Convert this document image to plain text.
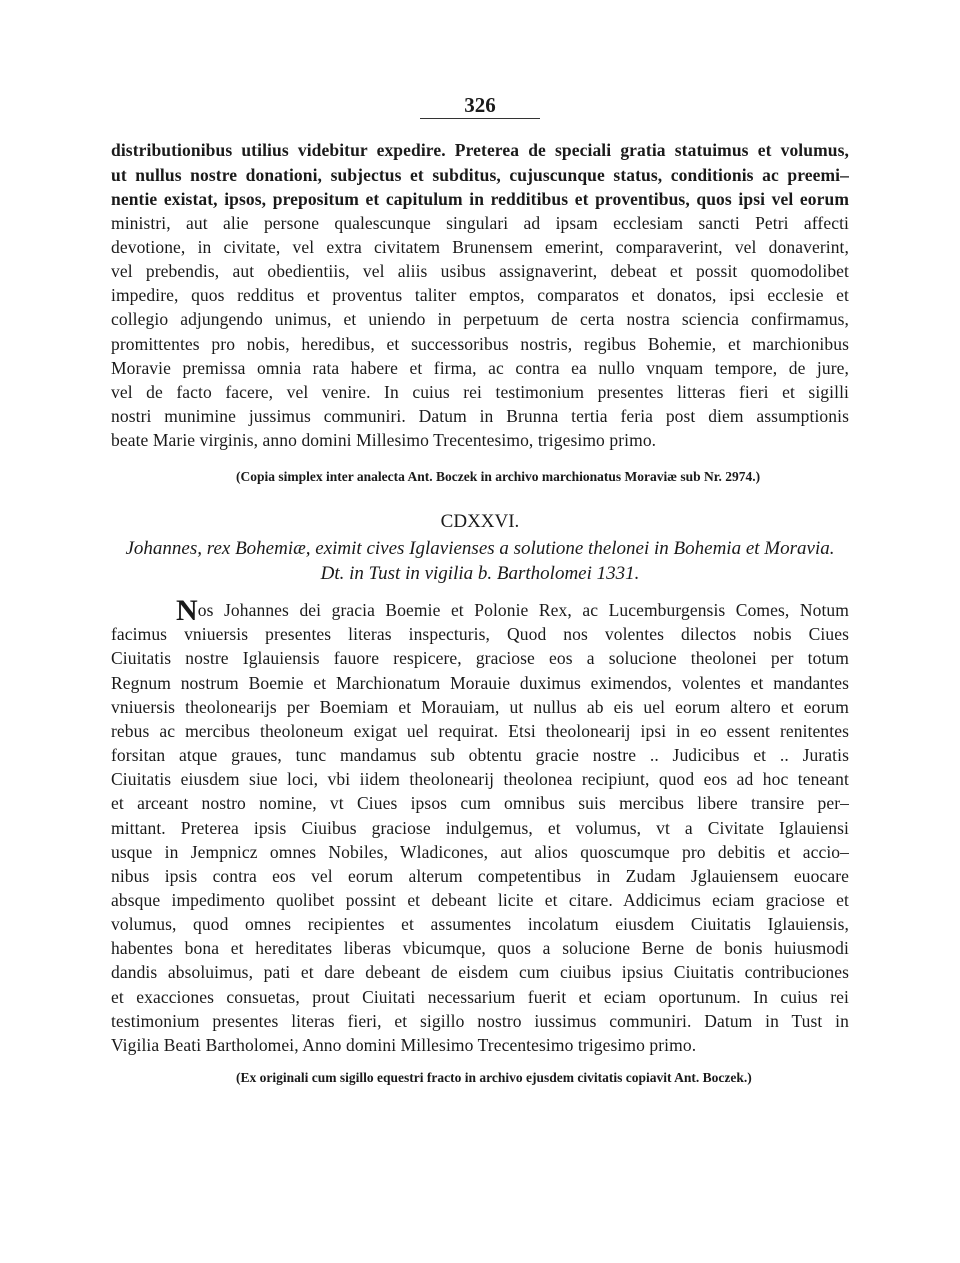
326
distributionibus utilius videbitur expedire. Preterea de speciali gratia statuimus et volumus,
ut nullus nostre donationi, subjectus et subditus, cujuscunque status, conditionis ac preemi–
nentie existat, ipsos, prepositum et capitulum in redditibus et proventibus, quos ipsi vel eorum
ministri, aut alie persone qualescunque singulari ad ipsam ecclesiam sancti Petri affecti
devotione, in civitate, vel extra civitatem Brunensem emerint, comparaverint, vel donaverint,
vel prebendis, aut obedientiis, vel aliis usibus assignaverint, debeat et possit quomodolibet
impedire, quos redditus et proventus taliter emptos, comparatos et donatos, ipsi ecclesie et
collegio adjungendo unimus, et uniendo in perpetuum de certa nostra sciencia confirmamus,
promittentes pro nobis, heredibus, et successoribus nostris, regibus Bohemie, et marchionibus
Moravie premissa omnia rata habere et firma, ac contra ea nullo vnquam tempore, de jure,
vel de facto facere, vel venire. In cuius rei testimonium presentes litteras fieri et sigilli
nostri munimine jussimus communiri. Datum in Brunna tertia feria post diem assumptionis
beate Marie virginis, anno domini Millesimo Trecentesimo, trigesimo primo.
(Copia simplex inter analecta Ant. Boczek in archivo marchionatus Moraviæ sub Nr. 2974.)
CDXXVI.
Johannes, rex Bohemiæ, eximit cives Iglavienses a solutione thelonei in Bohemia et Moravia.
Dt. in Tust in vigilia b. Bartholomei 1331.
Nos Johannes dei gracia Boemie et Polonie Rex, ac Lucemburgensis Comes, Notum
facimus vniuersis presentes literas inspecturis, Quod nos volentes dilectos nobis Ciues
Ciuitatis nostre Iglauiensis fauore respicere, graciose eos a solucione theolonei per totum
Regnum nostrum Boemie et Marchionatum Morauie duximus eximendos, volentes et mandantes
vniuersis theolonearijs per Boemiam et Morauiam, ut nullus ab eis uel eorum altero et eorum
rebus ac mercibus theoloneum exigat uel requirat. Etsi theolonearij ipsi in eo essent renitentes
forsitan atque graues, tunc mandamus sub obtentu gracie nostre .. Judicibus et .. Juratis
Ciuitatis eiusdem siue loci, vbi iidem theolonearij theolonea recipiunt, quod eos ad hoc teneant
et arceant nostro nomine, vt Ciues ipsos cum omnibus suis mercibus libere transire per–
mittant. Preterea ipsis Ciuibus graciose indulgemus, et volumus, vt a Civitate Iglauiensi
usque in Jempnicz omnes Nobiles, Wladicones, aut alios quoscumque pro debitis et accio–
nibus ipsis contra eos vel eorum alterum competentibus in Zudam Jglauiensem euocare
absque impedimento quolibet possint et debeant licite et citare. Addicimus eciam graciose et
volumus, quod omnes recipientes et assumentes incolatum eiusdem Ciuitatis Iglauiensis,
habentes bona et hereditates liberas vbicumque, quos a solucione Berne de bonis huiusmodi
dandis absoluimus, pati et dare debeant de eisdem cum ciuibus ipsius Ciuitatis contribuciones
et exacciones consuetas, prout Ciuitati necessarium fuerit et eciam oportunum. In cuius rei
testimonium presentes literas fieri, et sigillo nostro iussimus communiri. Datum in Tust in
Vigilia Beati Bartholomei, Anno domini Millesimo Trecentesimo trigesimo primo.
(Ex originali cum sigillo equestri fracto in archivo ejusdem civitatis copiavit Ant. Boczek.)
